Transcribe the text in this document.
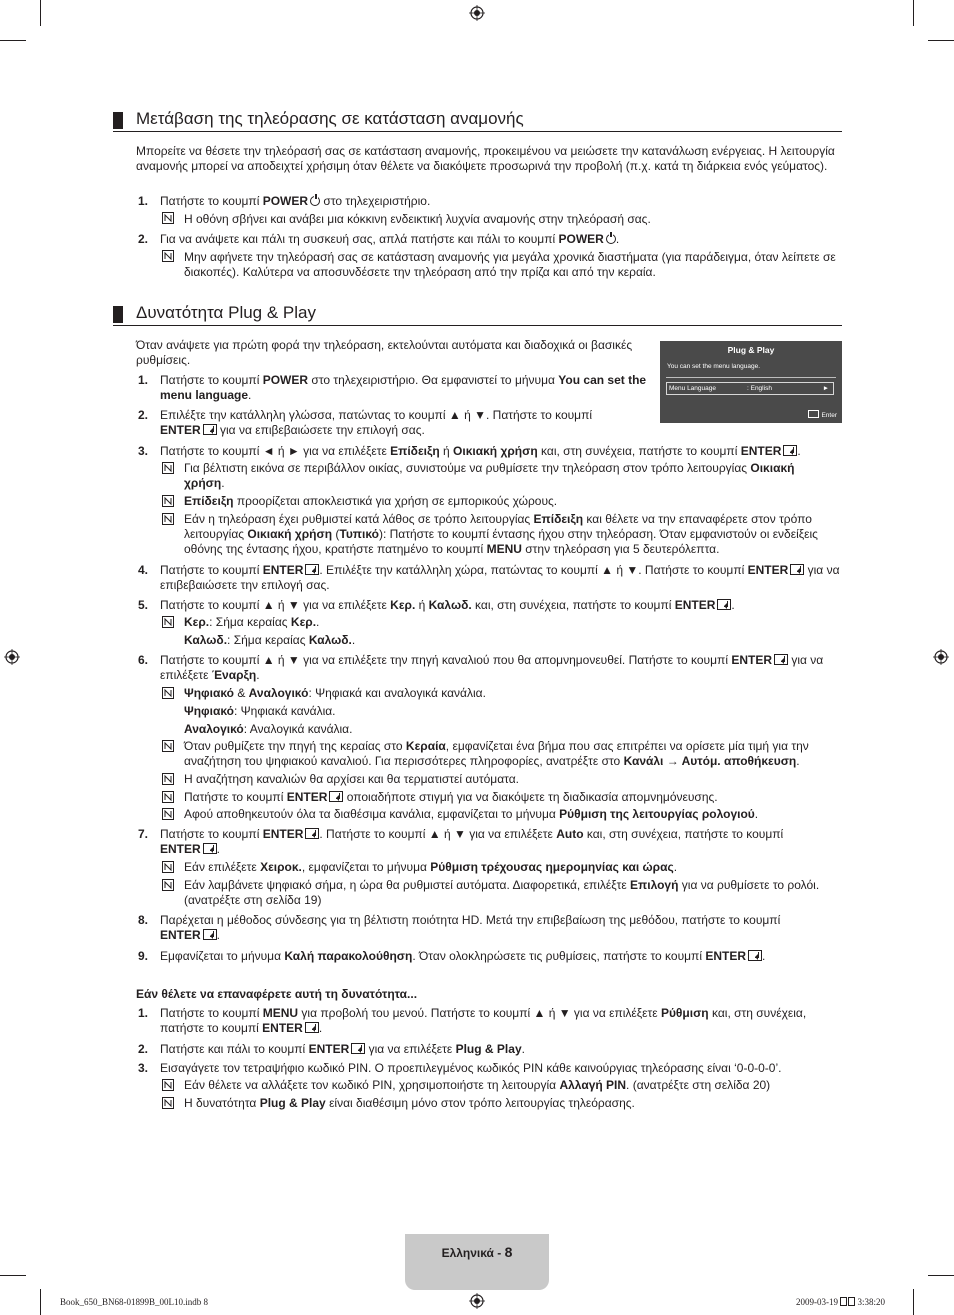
Μετάβαση της τηλεόρασης σε κατάσταση αναμονής
Μπορείτε να θέσετε την τηλεόρασή σας σε κατάσταση αναμονής, προκειμένου να μειώσετε την κατανάλωση ενέργειας. Η λειτουργία αναμονής μπορεί να αποδειχτεί χρήσιμη όταν θέλετε να διακόψετε προσωρινά την προβολή (π.χ. κατά τη διάρκεια ενός γεύματος).
1. Πατήστε το κουμπί POWER στο τηλεχειριστήριο.
Η οθόνη σβήνει και ανάβει μια κόκκινη ενδεικτική λυχνία αναμονής στην τηλεόρασή σας.
2. Για να ανάψετε και πάλι τη συσκευή σας, απλά πατήστε και πάλι το κουμπί POWER .
Μην αφήνετε την τηλεόρασή σας σε κατάσταση αναμονής για μεγάλα χρονικά διαστήματα (για παράδειγμα, όταν λείπετε σε διακοπές). Καλύτερα να αποσυνδέσετε την τηλεόραση από την πρίζα και από την κεραία.
Δυνατότητα Plug & Play
Όταν ανάψετε για πρώτη φορά την τηλεόραση, εκτελούνται αυτόματα και διαδοχικά οι βασικές ρυθμίσεις.
Plug & Play
You can set the menu language.
Menu Language	: English	►
Enter
1. Πατήστε το κουμπί POWER στο τηλεχειριστήριο. Θα εμφανιστεί το μήνυμα You can set the menu language.
2. Επιλέξτε την κατάλληλη γλώσσα, πατώντας το κουμπί ▲ ή ▼. Πατήστε το κουμπί ENTER για να επιβεβαιώσετε την επιλογή σας.
3. Πατήστε το κουμπί ◄ ή ► για να επιλέξετε Επίδειξη ή Οικιακή χρήση και, στη συνέχεια, πατήστε το κουμπί ENTER .
Για βέλτιστη εικόνα σε περιβάλλον οικίας, συνιστούμε να ρυθμίσετε την τηλεόραση στον τρόπο λειτουργίας Οικιακή χρήση.
Επίδειξη προορίζεται αποκλειστικά για χρήση σε εμπορικούς χώρους.
Εάν η τηλεόραση έχει ρυθμιστεί κατά λάθος σε τρόπο λειτουργίας Επίδειξη και θέλετε να την επαναφέρετε στον τρόπο λειτουργίας Οικιακή χρήση (Τυπικό): Πατήστε το κουμπί έντασης ήχου στην τηλεόραση. Όταν εμφανιστούν οι ενδείξεις οθόνης της έντασης ήχου, κρατήστε πατημένο το κουμπί MENU στην τηλεόραση για 5 δευτερόλεπτα.
4. Πατήστε το κουμπί ENTER . Επιλέξτε την κατάλληλη χώρα, πατώντας το κουμπί ▲ ή ▼. Πατήστε το κουμπί ENTER για να επιβεβαιώσετε την επιλογή σας.
5. Πατήστε το κουμπί ▲ ή ▼ για να επιλέξετε Κερ. ή Καλωδ. και, στη συνέχεια, πατήστε το κουμπί ENTER .
Κερ.: Σήμα κεραίας Κερ..
Καλωδ.: Σήμα κεραίας Καλωδ..
6. Πατήστε το κουμπί ▲ ή ▼ για να επιλέξετε την πηγή καναλιού που θα απομνημονευθεί. Πατήστε το κουμπί ENTER για να επιλέξετε Έναρξη.
Ψηφιακό & Αναλογικό: Ψηφιακά και αναλογικά κανάλια.
Ψηφιακό: Ψηφιακά κανάλια.
Αναλογικό: Αναλογικά κανάλια.
Όταν ρυθμίζετε την πηγή της κεραίας στο Κεραία, εμφανίζεται ένα βήμα που σας επιτρέπει να ορίσετε μία τιμή για την αναζήτηση του ψηφιακού καναλιού. Για περισσότερες πληροφορίες, ανατρέξτε στο Κανάλι → Αυτόμ. αποθήκευση.
Η αναζήτηση καναλιών θα αρχίσει και θα τερματιστεί αυτόματα.
Πατήστε το κουμπί ENTER οποιαδήποτε στιγμή για να διακόψετε τη διαδικασία απομνημόνευσης.
Αφού αποθηκευτούν όλα τα διαθέσιμα κανάλια, εμφανίζεται το μήνυμα Ρύθμιση της λειτουργίας ρολογιού.
7. Πατήστε το κουμπί ENTER . Πατήστε το κουμπί ▲ ή ▼ για να επιλέξετε Auto και, στη συνέχεια, πατήστε το κουμπί ENTER .
Εάν επιλέξετε Χειροκ., εμφανίζεται το μήνυμα Ρύθμιση τρέχουσας ημερομηνίας και ώρας.
Εάν λαμβάνετε ψηφιακό σήμα, η ώρα θα ρυθμιστεί αυτόματα. Διαφορετικά, επιλέξτε Επιλογή για να ρυθμίσετε το ρολόι. (ανατρέξτε στη σελίδα 19)
8. Παρέχεται η μέθοδος σύνδεσης για τη βέλτιστη ποιότητα HD. Μετά την επιβεβαίωση της μεθόδου, πατήστε το κουμπί ENTER .
9. Εμφανίζεται το μήνυμα Καλή παρακολούθηση. Όταν ολοκληρώσετε τις ρυθμίσεις, πατήστε το κουμπί ENTER .
Εάν θέλετε να επαναφέρετε αυτή τη δυνατότητα...
1. Πατήστε το κουμπί MENU για προβολή του μενού. Πατήστε το κουμπί ▲ ή ▼ για να επιλέξετε Ρύθμιση και, στη συνέχεια, πατήστε το κουμπί ENTER .
2. Πατήστε και πάλι το κουμπί ENTER για να επιλέξετε Plug & Play.
3. Εισαγάγετε τον τετραψήφιο κωδικό PIN. Ο προεπιλεγμένος κωδικός PIN κάθε καινούργιας τηλεόρασης είναι ‘0-0-0-0’.
Εάν θέλετε να αλλάξετε τον κωδικό PIN, χρησιμοποιήστε τη λειτουργία Αλλαγή PIN. (ανατρέξτε στη σελίδα 20)
Η δυνατότητα Plug & Play είναι διαθέσιμη μόνο στον τρόπο λειτουργίας τηλεόρασης.
Ελληνικά - 8
Book_650_BN68-01899B_00L10.indb 8	2009-03-19 3:38:20
